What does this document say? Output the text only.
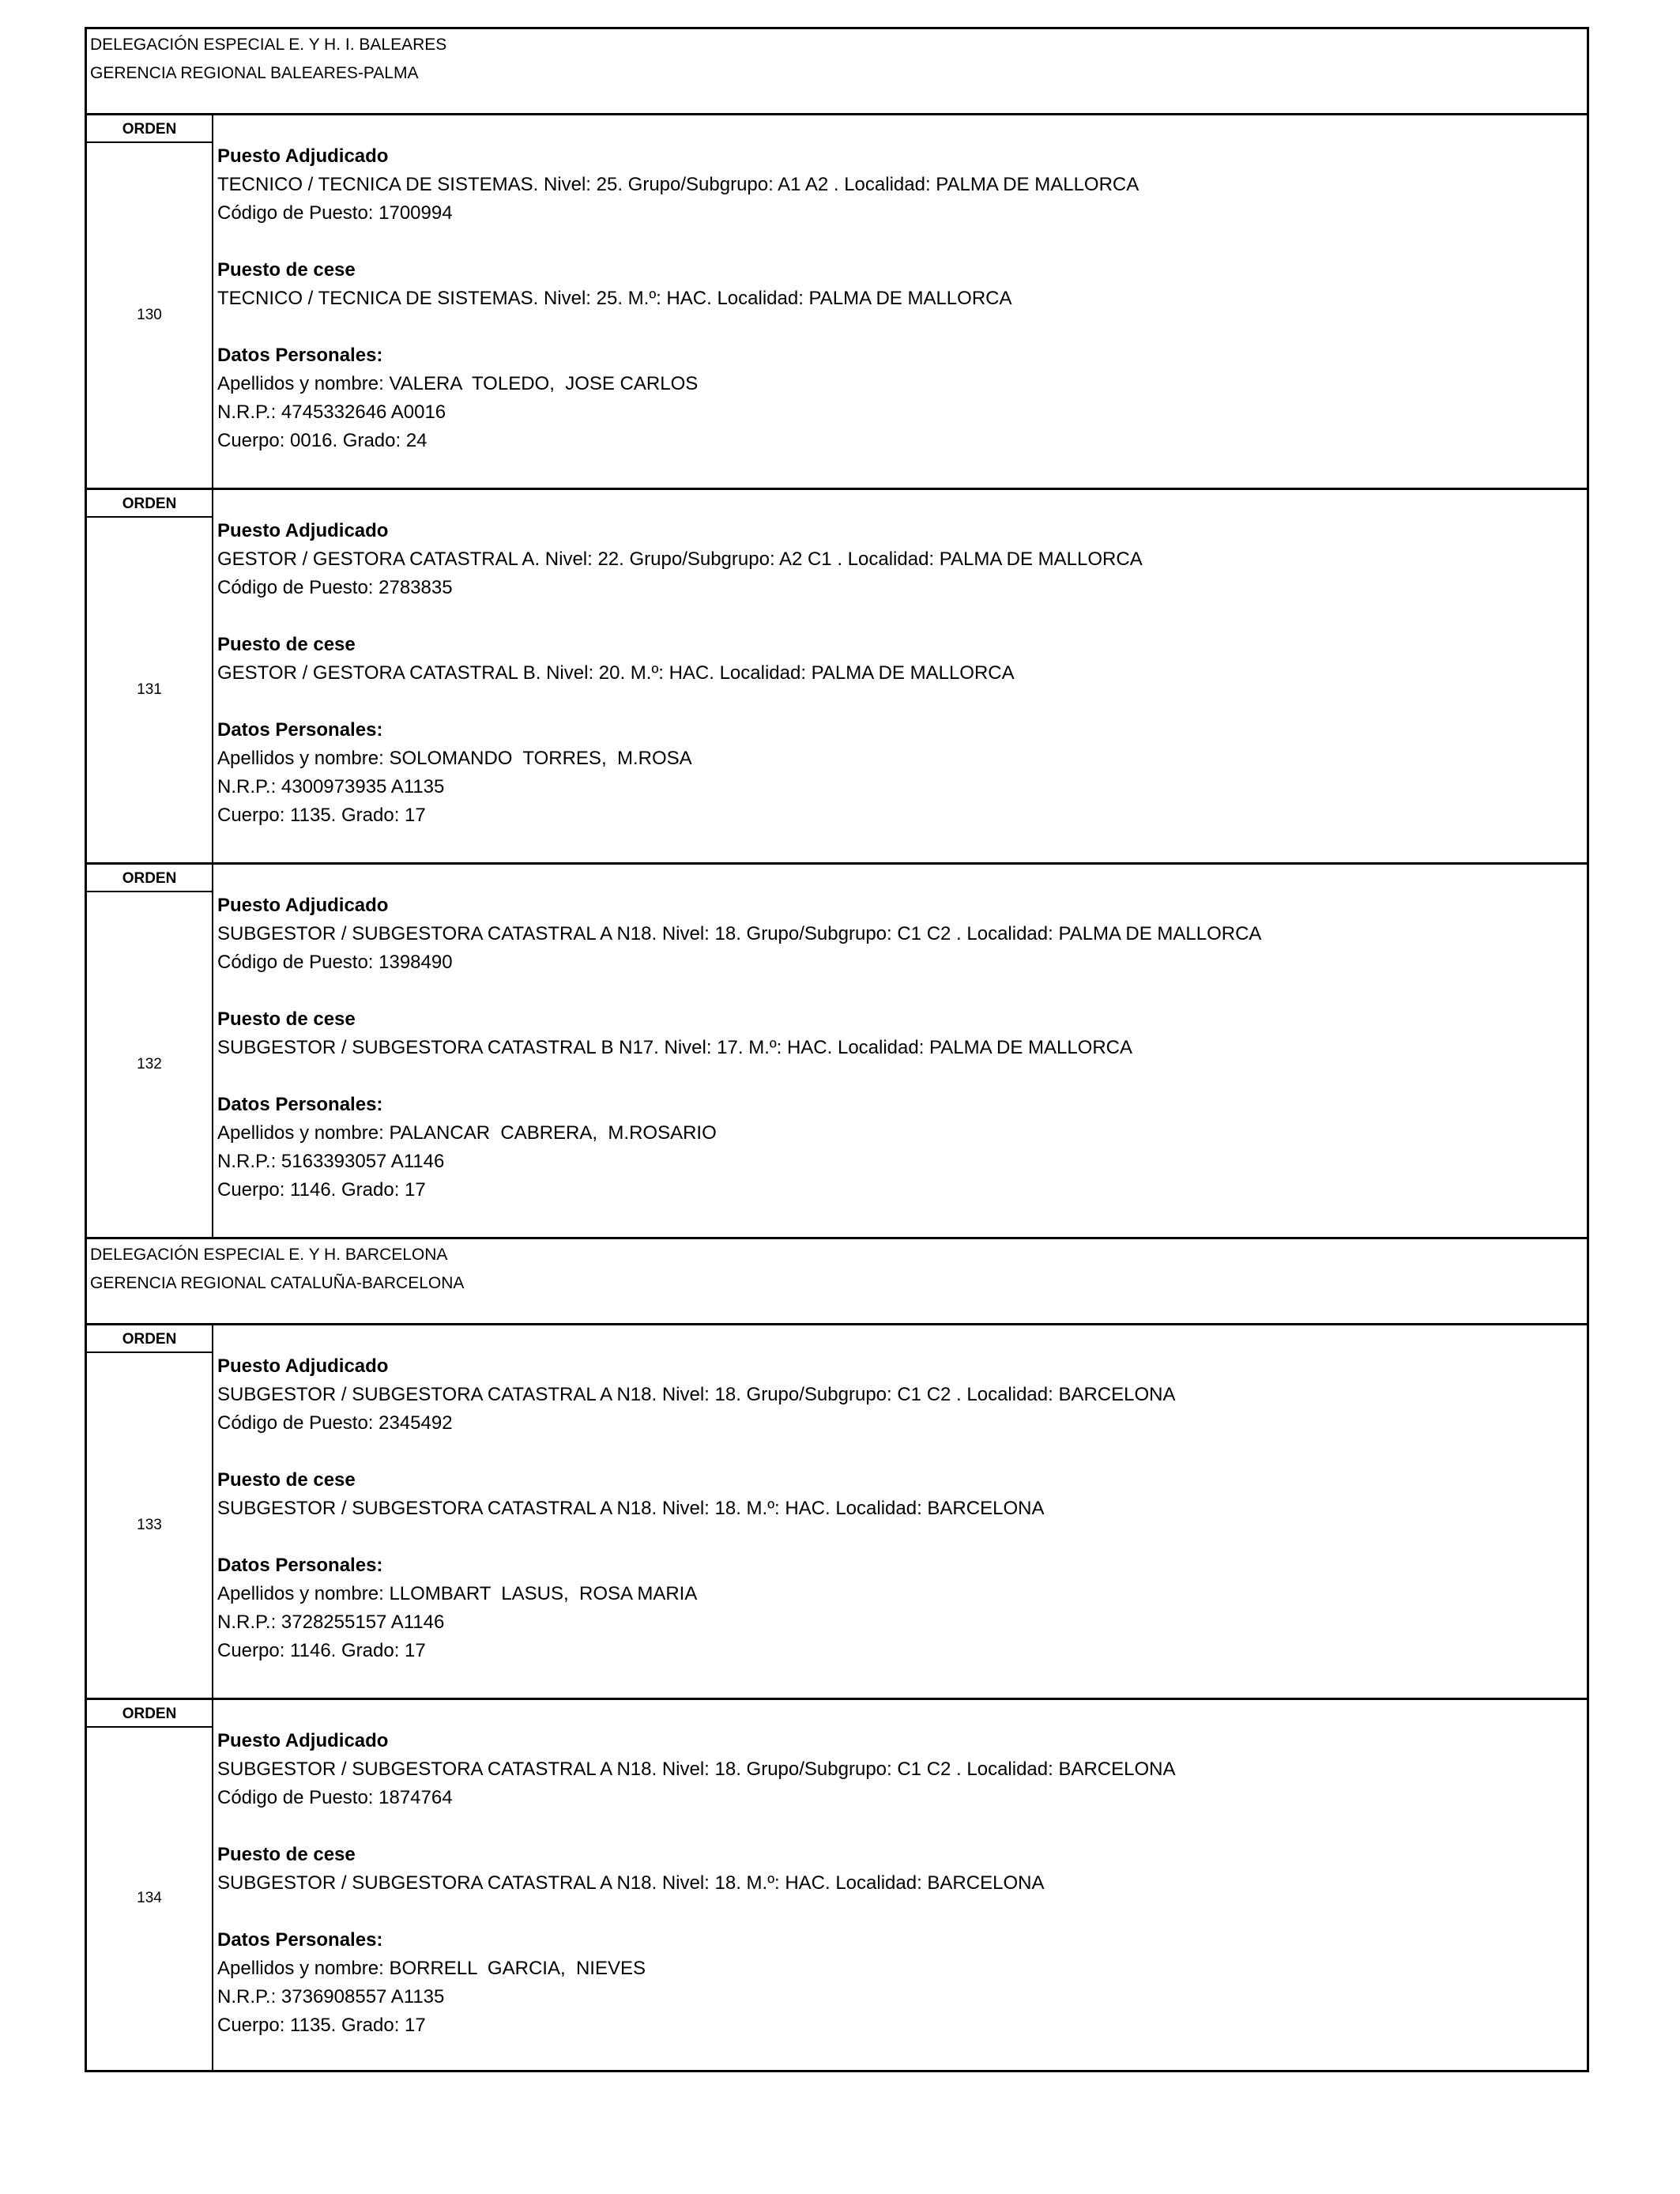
DELEGACIÓN ESPECIAL E. Y H. I. BALEARES
GERENCIA REGIONAL BALEARES-PALMA
ORDEN
130
Puesto Adjudicado
TECNICO / TECNICA DE SISTEMAS. Nivel: 25. Grupo/Subgrupo: A1 A2 . Localidad: PALMA DE MALLORCA
Código de Puesto: 1700994
Puesto de cese
TECNICO / TECNICA DE SISTEMAS. Nivel: 25. M.º: HAC. Localidad: PALMA DE MALLORCA
Datos Personales:
Apellidos y nombre: VALERA  TOLEDO,  JOSE CARLOS
N.R.P.: 4745332646 A0016
Cuerpo: 0016. Grado: 24
ORDEN
131
Puesto Adjudicado
GESTOR / GESTORA CATASTRAL A. Nivel: 22. Grupo/Subgrupo: A2 C1 . Localidad: PALMA DE MALLORCA
Código de Puesto: 2783835
Puesto de cese
GESTOR / GESTORA CATASTRAL B. Nivel: 20. M.º: HAC. Localidad: PALMA DE MALLORCA
Datos Personales:
Apellidos y nombre: SOLOMANDO  TORRES,  M.ROSA
N.R.P.: 4300973935 A1135
Cuerpo: 1135. Grado: 17
ORDEN
132
Puesto Adjudicado
SUBGESTOR / SUBGESTORA CATASTRAL A N18. Nivel: 18. Grupo/Subgrupo: C1 C2 . Localidad: PALMA DE MALLORCA
Código de Puesto: 1398490
Puesto de cese
SUBGESTOR / SUBGESTORA CATASTRAL B N17. Nivel: 17. M.º: HAC. Localidad: PALMA DE MALLORCA
Datos Personales:
Apellidos y nombre: PALANCAR  CABRERA,  M.ROSARIO
N.R.P.: 5163393057 A1146
Cuerpo: 1146. Grado: 17
DELEGACIÓN ESPECIAL E. Y H. BARCELONA
GERENCIA REGIONAL CATALUÑA-BARCELONA
ORDEN
133
Puesto Adjudicado
SUBGESTOR / SUBGESTORA CATASTRAL A N18. Nivel: 18. Grupo/Subgrupo: C1 C2 . Localidad: BARCELONA
Código de Puesto: 2345492
Puesto de cese
SUBGESTOR / SUBGESTORA CATASTRAL A N18. Nivel: 18. M.º: HAC. Localidad: BARCELONA
Datos Personales:
Apellidos y nombre: LLOMBART  LASUS,  ROSA MARIA
N.R.P.: 3728255157 A1146
Cuerpo: 1146. Grado: 17
ORDEN
134
Puesto Adjudicado
SUBGESTOR / SUBGESTORA CATASTRAL A N18. Nivel: 18. Grupo/Subgrupo: C1 C2 . Localidad: BARCELONA
Código de Puesto: 1874764
Puesto de cese
SUBGESTOR / SUBGESTORA CATASTRAL A N18. Nivel: 18. M.º: HAC. Localidad: BARCELONA
Datos Personales:
Apellidos y nombre: BORRELL  GARCIA,  NIEVES
N.R.P.: 3736908557 A1135
Cuerpo: 1135. Grado: 17
